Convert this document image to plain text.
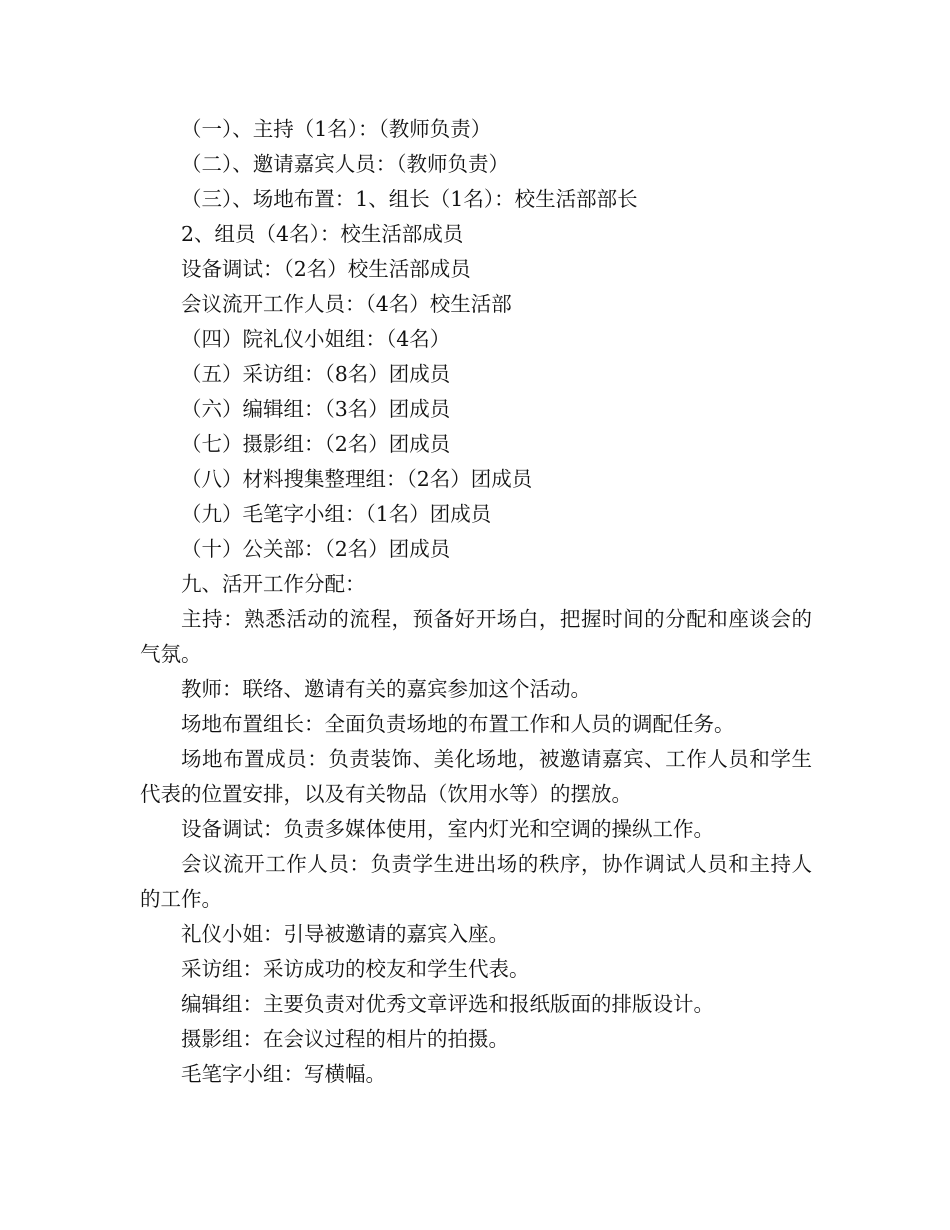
（一）、主持（1名）：（教师负责）

（二）、邀请嘉宾人员：（教师负责）

（三）、场地布置：1、组长（1名）：校生活部部长

2、组员（4名）：校生活部成员

设备调试：（2名）校生活部成员

会议流开工作人员：（4名）校生活部

（四）院礼仪小姐组：（4名）

（五）采访组：（8名）团成员

（六）编辑组：（3名）团成员

（七）摄影组：（2名）团成员

（八）材料搜集整理组：（2名）团成员

（九）毛笔字小组：（1名）团成员

（十）公关部：（2名）团成员

九、活开工作分配：

主持：熟悉活动的流程，预备好开场白，把握时间的分配和座谈会的气氛。

教师：联络、邀请有关的嘉宾参加这个活动。

场地布置组长：全面负责场地的布置工作和人员的调配任务。

场地布置成员：负责装饰、美化场地，被邀请嘉宾、工作人员和学生代表的位置安排，以及有关物品（饮用水等）的摆放。

设备调试：负责多媒体使用，室内灯光和空调的操纵工作。

会议流开工作人员：负责学生进出场的秩序，协作调试人员和主持人的工作。

礼仪小姐：引导被邀请的嘉宾入座。

采访组：采访成功的校友和学生代表。

编辑组：主要负责对优秀文章评选和报纸版面的排版设计。

摄影组：在会议过程的相片的拍摄。

毛笔字小组：写横幅。
